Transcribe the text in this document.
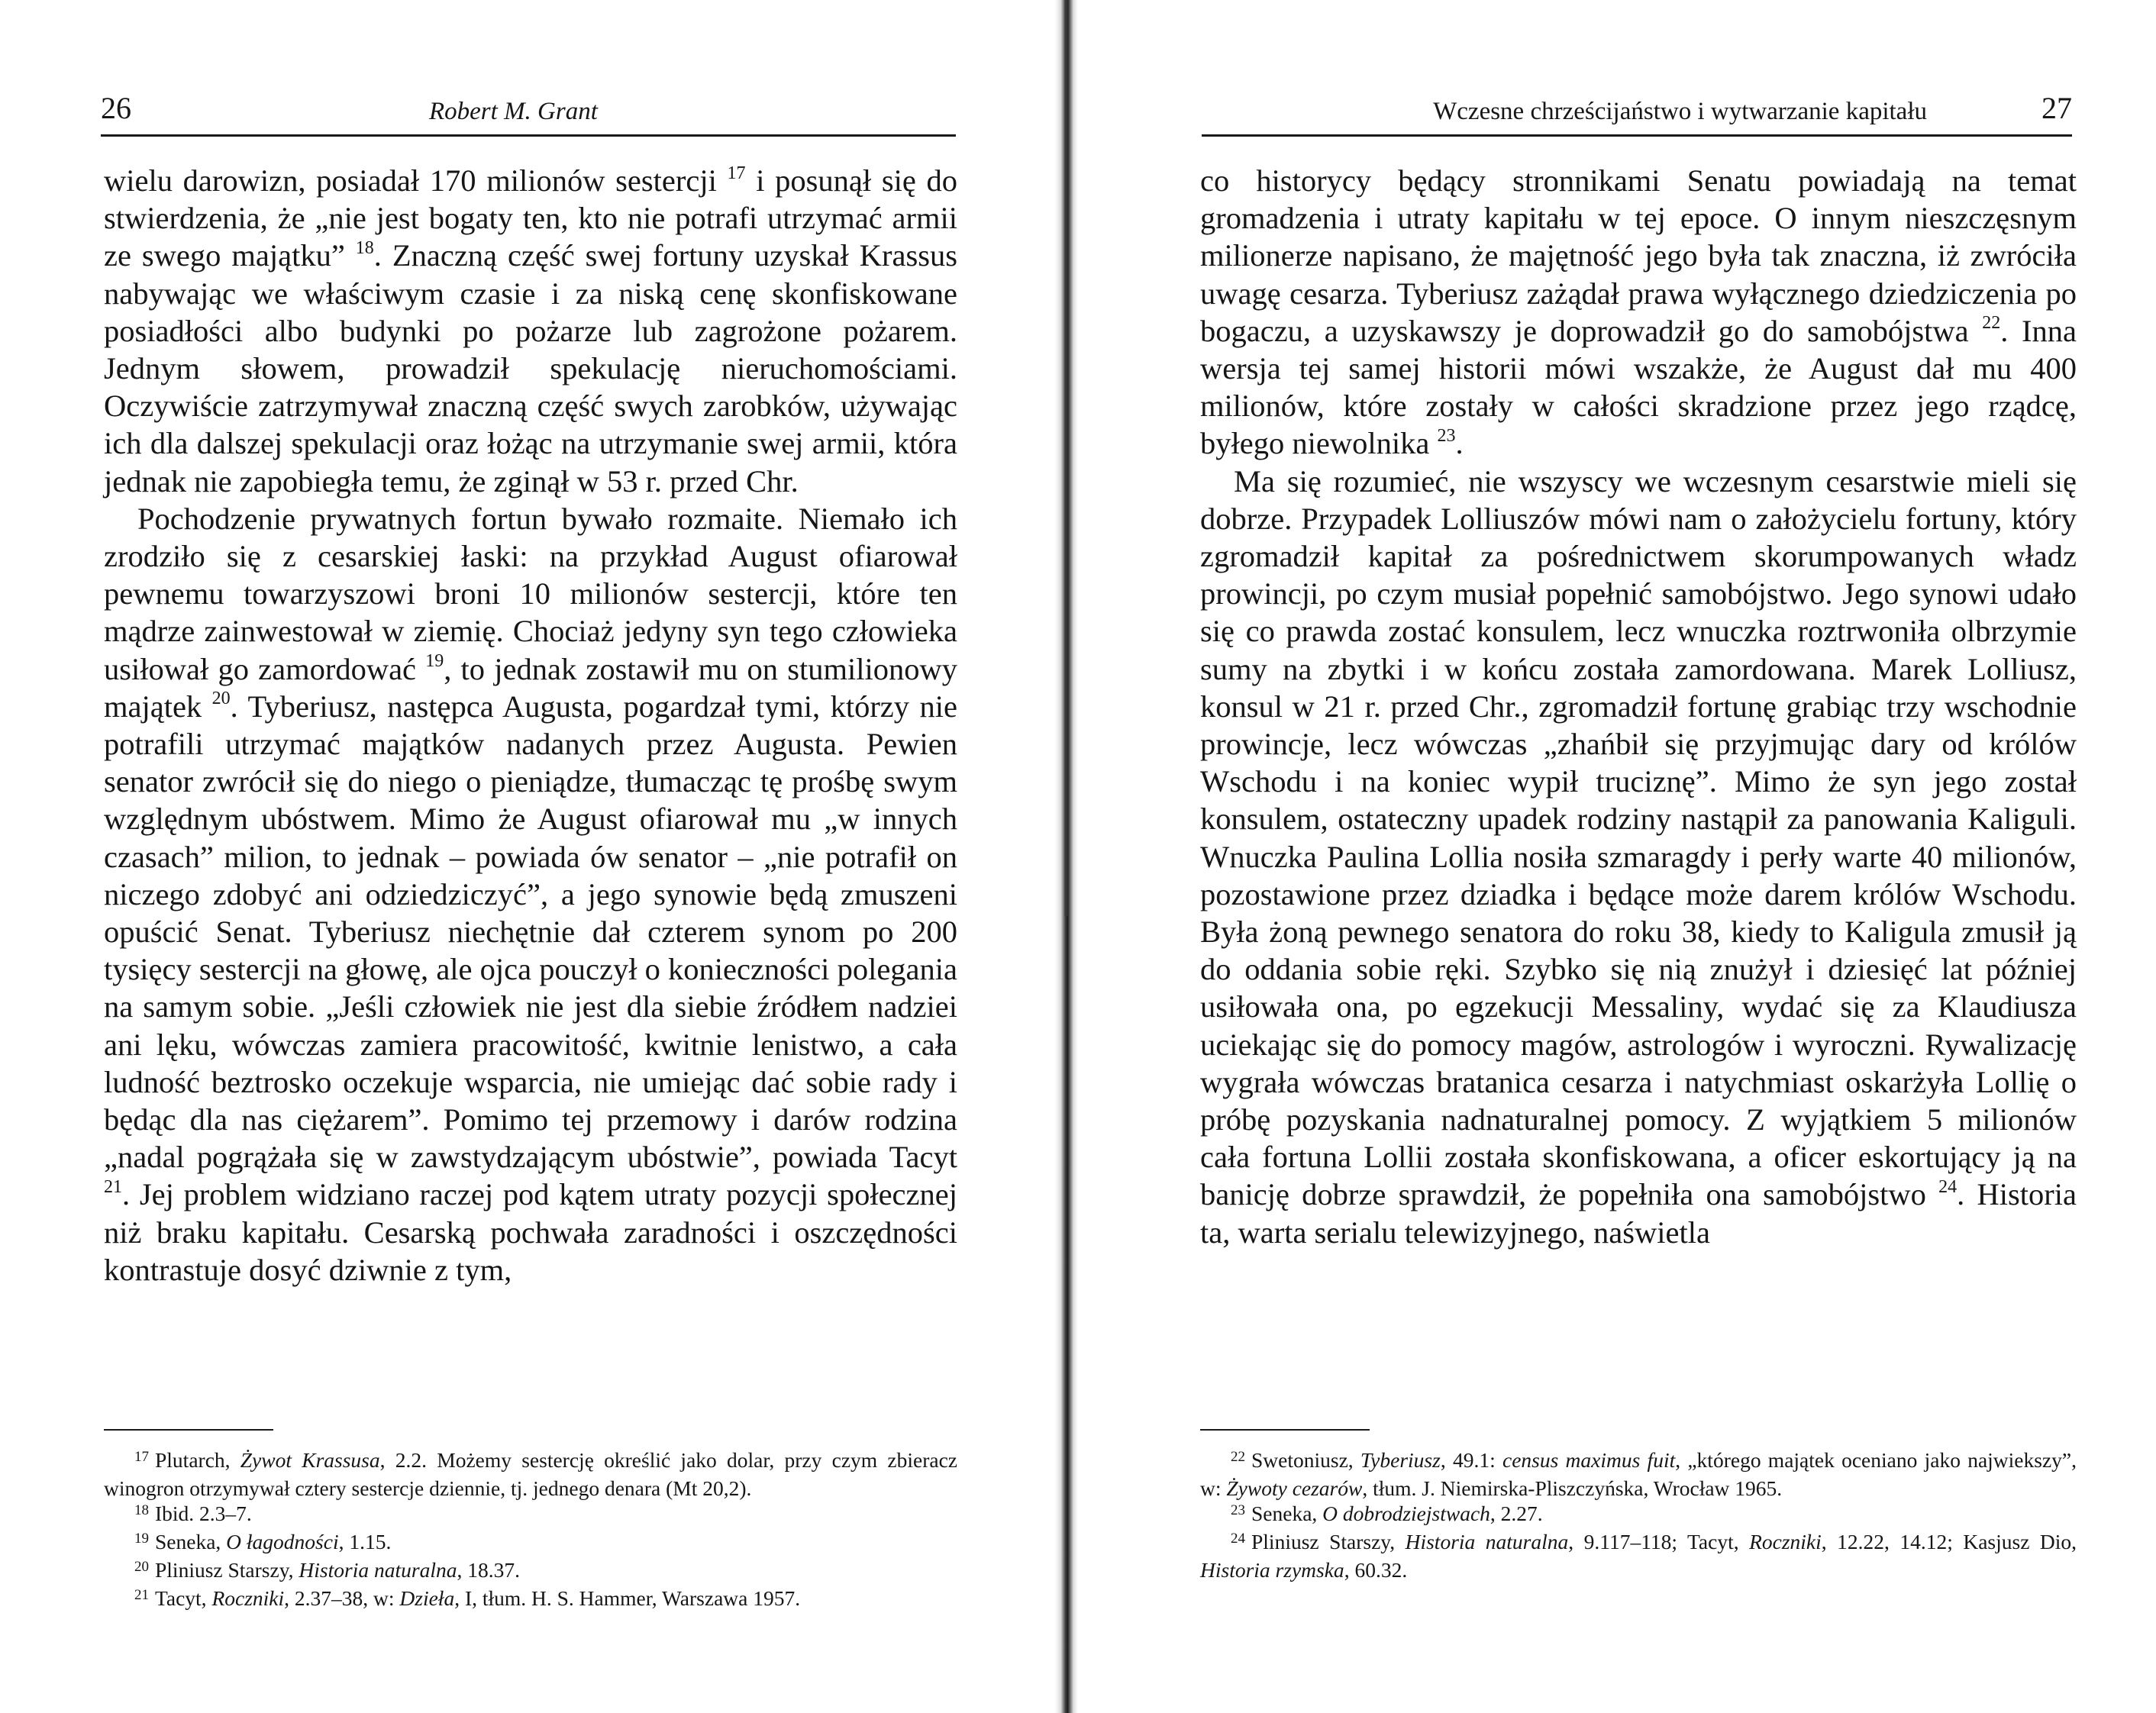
26	Robert M. Grant

wielu darowizn, posiadał 170 milionów sestercji $^{17}$ i posunął się do stwierdzenia, że „nie jest bogaty ten, kto nie potrafi utrzymać armii ze swego majątku” $^{18}$. Znaczną część swej fortuny uzyskał Krassus nabywając we właściwym czasie i za niską cenę skonfiskowane posiadłości albo budynki po pożarze lub zagrożone pożarem. Jednym słowem, prowadził spekulację nieruchomościami. Oczywiście zatrzymywał znaczną część swych zarobków, używając ich dla dalszej spekulacji oraz łożąc na utrzymanie swej armii, która jednak nie zapobiegła temu, że zginął w 53 r. przed Chr.

Pochodzenie prywatnych fortun bywało rozmaite. Niemało ich zrodziło się z cesarskiej łaski: na przykład August ofiarował pewnemu towarzyszowi broni 10 milionów sestercji, które ten mądrze zainwestował w ziemię. Chociaż jedyny syn tego człowieka usiłował go zamordować $^{19}$, to jednak zostawił mu on stumilionowy majątek $^{20}$. Tyberiusz, następca Augusta, pogardzał tymi, którzy nie potrafili utrzymać majątków nadanych przez Augusta. Pewien senator zwrócił się do niego o pieniądze, tłumacząc tę prośbę swym względnym ubóstwem. Mimo że August ofiarował mu „w innych czasach” milion, to jednak – powiada ów senator – „nie potrafił on niczego zdobyć ani odziedziczyć”, a jego synowie będą zmuszeni opuścić Senat. Tyberiusz niechętnie dał czterem synom po 200 tysięcy sestercji na głowę, ale ojca pouczył o konieczności polegania na samym sobie. „Jeśli człowiek nie jest dla siebie źródłem nadziei ani lęku, wówczas zamiera pracowitość, kwitnie lenistwo, a cała ludność beztrosko oczekuje wsparcia, nie umiejąc dać sobie rady i będąc dla nas ciężarem”. Pomimo tej przemowy i darów rodzina „nadal pogrążała się w zawstydzającym ubóstwie”, powiada Tacyt $^{21}$. Jej problem widziano raczej pod kątem utraty pozycji społecznej niż braku kapitału. Cesarską pochwała zaradności i oszczędności kontrastuje dosyć dziwnie z tym,

$^{17}$ Plutarch, Żywot Krassusa, 2.2. Możemy sestercję określić jako dolar, przy czym zbieracz winogron otrzymywał cztery sestercje dziennie, tj. jednego denara (Mt 20,2).

$^{18}$ Ibid. 2.3–7.

$^{19}$ Seneka, O łagodności, 1.15.

$^{20}$ Pliniusz Starszy, Historia naturalna, 18.37.

$^{21}$ Tacyt, Roczniki, 2.37–38, w: Dzieła, I, tłum. H. S. Hammer, Warszawa 1957.

Wczesne chrześcijaństwo i wytwarzanie kapitału	27

co historycy będący stronnikami Senatu powiadają na temat gromadzenia i utraty kapitału w tej epoce. O innym nieszczęsnym milionerze napisano, że majętność jego była tak znaczna, iż zwróciła uwagę cesarza. Tyberiusz zażądał prawa wyłącznego dziedziczenia po bogaczu, a uzyskawszy je doprowadził go do samobójstwa $^{22}$. Inna wersja tej samej historii mówi wszakże, że August dał mu 400 milionów, które zostały w całości skradzione przez jego rządcę, byłego niewolnika $^{23}$.

Ma się rozumieć, nie wszyscy we wczesnym cesarstwie mieli się dobrze. Przypadek Lolliuszów mówi nam o założycielu fortuny, który zgromadził kapitał za pośrednictwem skorumpowanych władz prowincji, po czym musiał popełnić samobójstwo. Jego synowi udało się co prawda zostać konsulem, lecz wnuczka roztrwoniła olbrzymie sumy na zbytki i w końcu została zamordowana. Marek Lolliusz, konsul w 21 r. przed Chr., zgromadził fortunę grabiąc trzy wschodnie prowincje, lecz wówczas „zhańbił się przyjmując dary od królów Wschodu i na koniec wypił truciznę”. Mimo że syn jego został konsulem, ostateczny upadek rodziny nastąpił za panowania Kaliguli. Wnuczka Paulina Lollia nosiła szmaragdy i perły warte 40 milionów, pozostawione przez dziadka i będące może darem królów Wschodu. Była żoną pewnego senatora do roku 38, kiedy to Kaligula zmusił ją do oddania sobie ręki. Szybko się nią znużył i dziesięć lat później usiłowała ona, po egzekucji Messaliny, wydać się za Klaudiusza uciekając się do pomocy magów, astrologów i wyroczni. Rywalizację wygrała wówczas bratanica cesarza i natychmiast oskarżyła Lollię o próbę pozyskania nadnaturalnej pomocy. Z wyjątkiem 5 milionów cała fortuna Lollii została skonfiskowana, a oficer eskortujący ją na banicję dobrze sprawdził, że popełniła ona samobójstwo $^{24}$. Historia ta, warta serialu telewizyjnego, naświetla

$^{22}$ Swetoniusz, Tyberiusz, 49.1: census maximus fuit, „którego majątek oceniano jako najwiekszy”, w: Żywoty cezarów, tłum. J. Niemirska-Pliszczyńska, Wrocław 1965.

$^{23}$ Seneka, O dobrodziejstwach, 2.27.

$^{24}$ Pliniusz Starszy, Historia naturalna, 9.117–118; Tacyt, Roczniki, 12.22, 14.12; Kasjusz Dio, Historia rzymska, 60.32.
